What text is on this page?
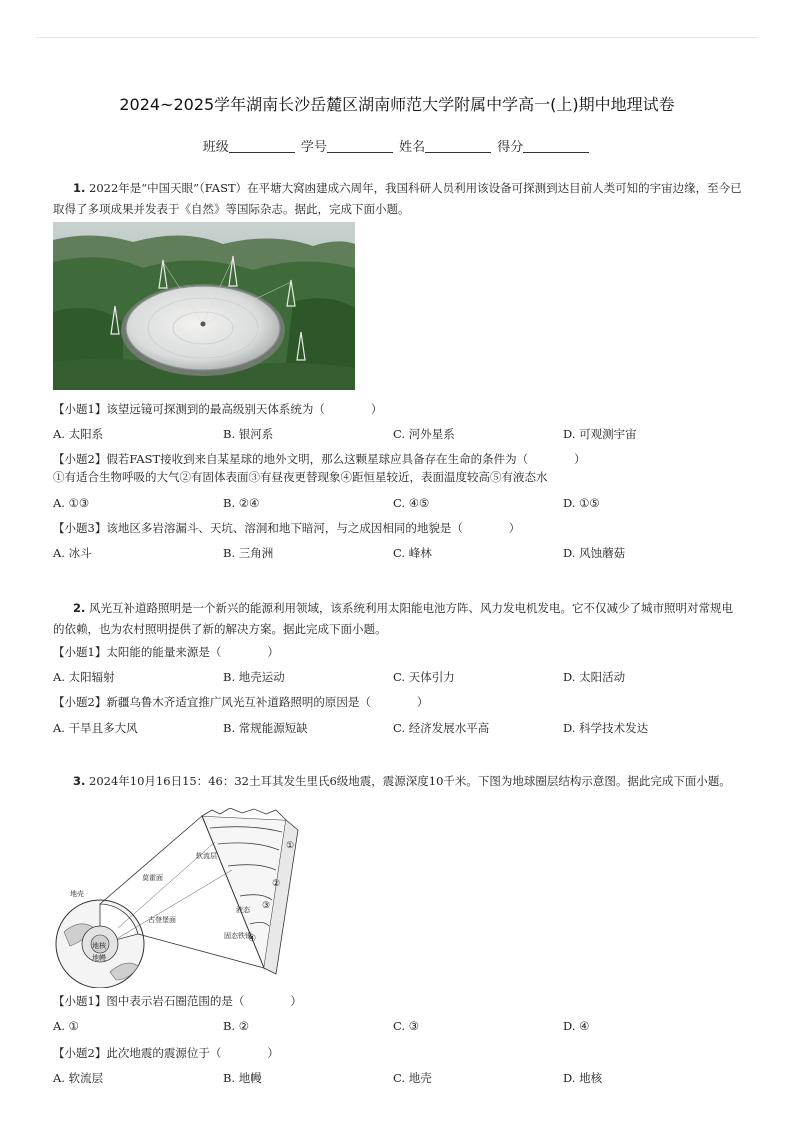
2024~2025学年湖南长沙岳麓区湖南师范大学附属中学高一(上)期中地理试卷
班级	学号	姓名	得分
1. 2022年是“中国天眼”（FAST）在平塘大窝凼建成六周年，我国科研人员利用该设备可探测到达目前人类可知的宇宙边缘，至今已取得了多项成果并发表于《自然》等国际杂志。据此，完成下面小题。
【小题1】该望远镜可探测到的最高级别天体系统为（　　　　）
A. 太阳系	B. 银河系	C. 河外星系	D. 可观测宇宙
【小题2】假若FAST接收到来自某星球的地外文明，那么这颗星球应具备存在生命的条件为（　　　　）
①有适合生物呼吸的大气②有固体表面③有昼夜更替现象④距恒星较近，表面温度较高⑤有液态水
A. ①③	B. ②④	C. ④⑤	D. ①⑤
【小题3】该地区多岩溶漏斗、天坑、溶洞和地下暗河，与之成因相同的地貌是（　　　　）
A. 冰斗	B. 三角洲	C. 峰林	D. 风蚀蘑菇
2. 风光互补道路照明是一个新兴的能源利用领域，该系统利用太阳能电池方阵、风力发电机发电。它不仅减少了城市照明对常规电的依赖，也为农村照明提供了新的解决方案。据此完成下面小题。
【小题1】太阳能的能量来源是（　　　　）
A. 太阳辐射	B. 地壳运动	C. 天体引力	D. 太阳活动
【小题2】新疆乌鲁木齐适宜推广风光互补道路照明的原因是（　　　　）
A. 干旱且多大风	B. 常规能源短缺	C. 经济发展水平高	D. 科学技术发达
3. 2024年10月16日15：46：32土耳其发生里氏6级地震，震源深度10千米。下图为地球圈层结构示意图。据此完成下面小题。
①
②
③
④
软流层
莫霍面
古登堡面
液态
固态铁镍
地壳
地核
地幔
【小题1】图中表示岩石圈范围的是（　　　　）
A. ①	B. ②	C. ③	D. ④
【小题2】此次地震的震源位于（　　　　）
A. 软流层	B. 地幔	C. 地壳	D. 地核
